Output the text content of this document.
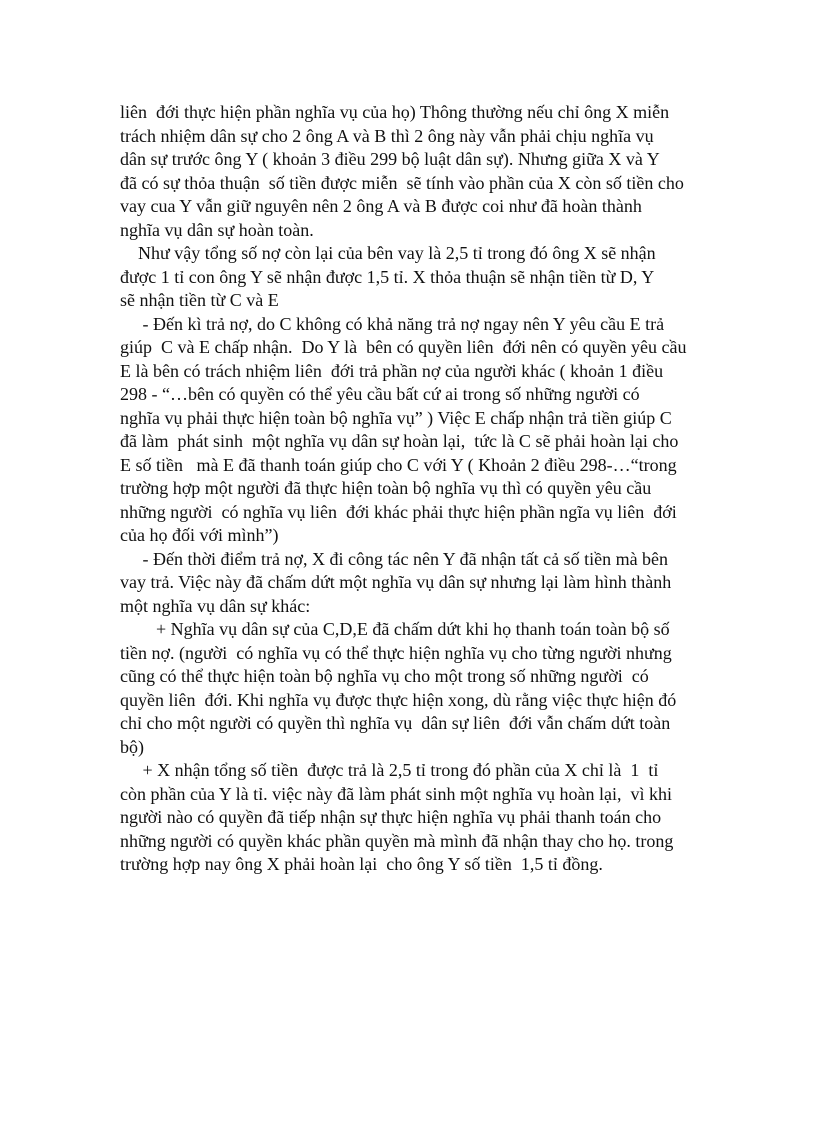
liên  đới thực hiện phần nghĩa vụ của họ) Thông thường nếu chỉ ông X miễn
trách nhiệm dân sự cho 2 ông A và B thì 2 ông này vẫn phải chịu nghĩa vụ
dân sự trước ông Y ( khoản 3 điều 299 bộ luật dân sự). Nhưng giữa X và Y
đã có sự thỏa thuận  số tiền được miễn  sẽ tính vào phần của X còn số tiền cho
vay cua Y vẫn giữ nguyên nên 2 ông A và B được coi như đã hoàn thành
nghĩa vụ dân sự hoàn toàn.
Như vậy tổng số nợ còn lại của bên vay là 2,5 tỉ trong đó ông X sẽ nhận
được 1 tỉ con ông Y sẽ nhận được 1,5 tỉ. X thỏa thuận sẽ nhận tiền từ D, Y
sẽ nhận tiền từ C và E
- Đến kì trả nợ, do C không có khả năng trả nợ ngay nên Y yêu cầu E trả
giúp  C và E chấp nhận.  Do Y là  bên có quyền liên  đới nên có quyền yêu cầu
E là bên có trách nhiệm liên  đới trả phần nợ của người khác ( khoản 1 điều
298 - “…bên có quyền có thể yêu cầu bất cứ ai trong số những người có
nghĩa vụ phải thực hiện toàn bộ nghĩa vụ” ) Việc E chấp nhận trả tiền giúp C
đã làm  phát sinh  một nghĩa vụ dân sự hoàn lại,  tức là C sẽ phải hoàn lại cho
E số tiền   mà E đã thanh toán giúp cho C với Y ( Khoản 2 điều 298-…“trong
trường hợp một người đã thực hiện toàn bộ nghĩa vụ thì có quyền yêu cầu
những người  có nghĩa vụ liên  đới khác phải thực hiện phần ngĩa vụ liên  đới
của họ đối với mình”)
- Đến thời điểm trả nợ, X đi công tác nên Y đã nhận tất cả số tiền mà bên
vay trả. Việc này đã chấm dứt một nghĩa vụ dân sự nhưng lại làm hình thành
một nghĩa vụ dân sự khác:
+ Nghĩa vụ dân sự của C,D,E đã chấm dứt khi họ thanh toán toàn bộ số
tiền nợ. (người  có nghĩa vụ có thể thực hiện nghĩa vụ cho từng người nhưng
cũng có thể thực hiện toàn bộ nghĩa vụ cho một trong số những người  có
quyền liên  đới. Khi nghĩa vụ được thực hiện xong, dù rằng việc thực hiện đó
chỉ cho một người có quyền thì nghĩa vụ  dân sự liên  đới vẫn chấm dứt toàn
bộ)
+ X nhận tổng số tiền  được trả là 2,5 tỉ trong đó phần của X chỉ là  1  tỉ
còn phần của Y là tỉ. việc này đã làm phát sinh một nghĩa vụ hoàn lại,  vì khi
người nào có quyền đã tiếp nhận sự thực hiện nghĩa vụ phải thanh toán cho
những người có quyền khác phần quyền mà mình đã nhận thay cho họ. trong
trường hợp nay ông X phải hoàn lại  cho ông Y số tiền  1,5 tỉ đồng.
